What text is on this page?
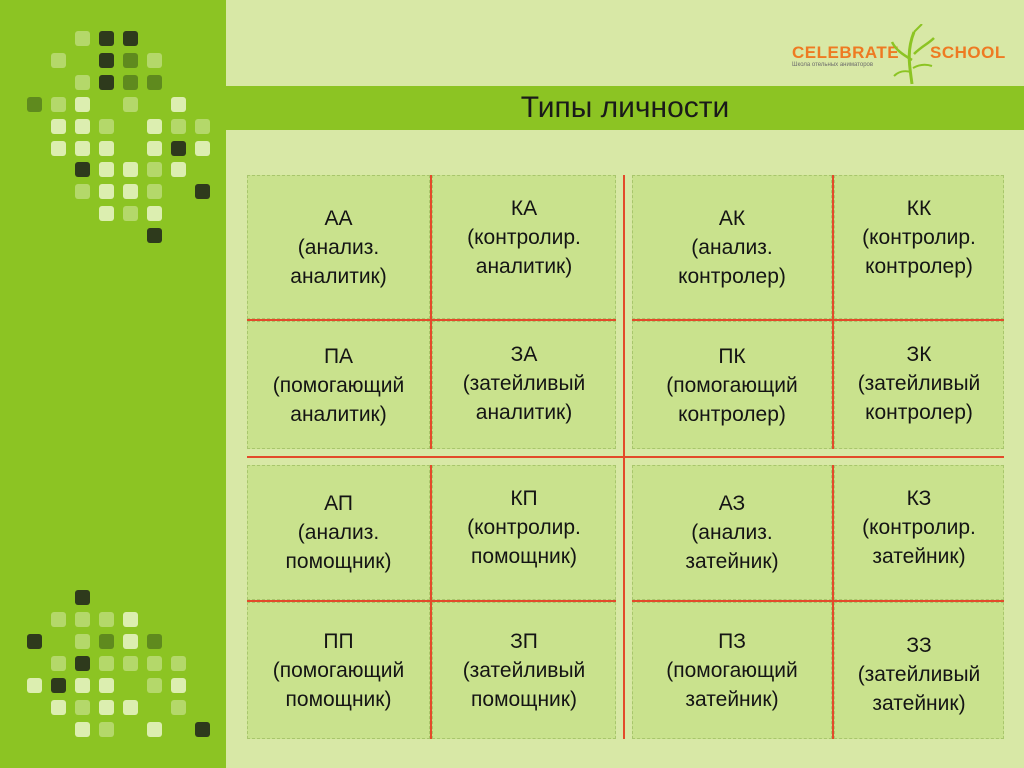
CELEBRATE SCHOOL
Школа отельных аниматоров
Типы личности
АА
(анализ.
аналитик)
КА
(контролир.
аналитик)
ПА
(помогающий
аналитик)
ЗА
(затейливый
аналитик)
АК
(анализ.
контролер)
КК
(контролир.
контролер)
ПК
(помогающий
контролер)
ЗК
(затейливый
контролер)
АП
(анализ.
помощник)
КП
(контролир.
помощник)
ПП
(помогающий
помощник)
ЗП
(затейливый
помощник)
АЗ
(анализ.
затейник)
КЗ
(контролир.
затейник)
ПЗ
(помогающий
затейник)
ЗЗ
(затейливый
затейник)
